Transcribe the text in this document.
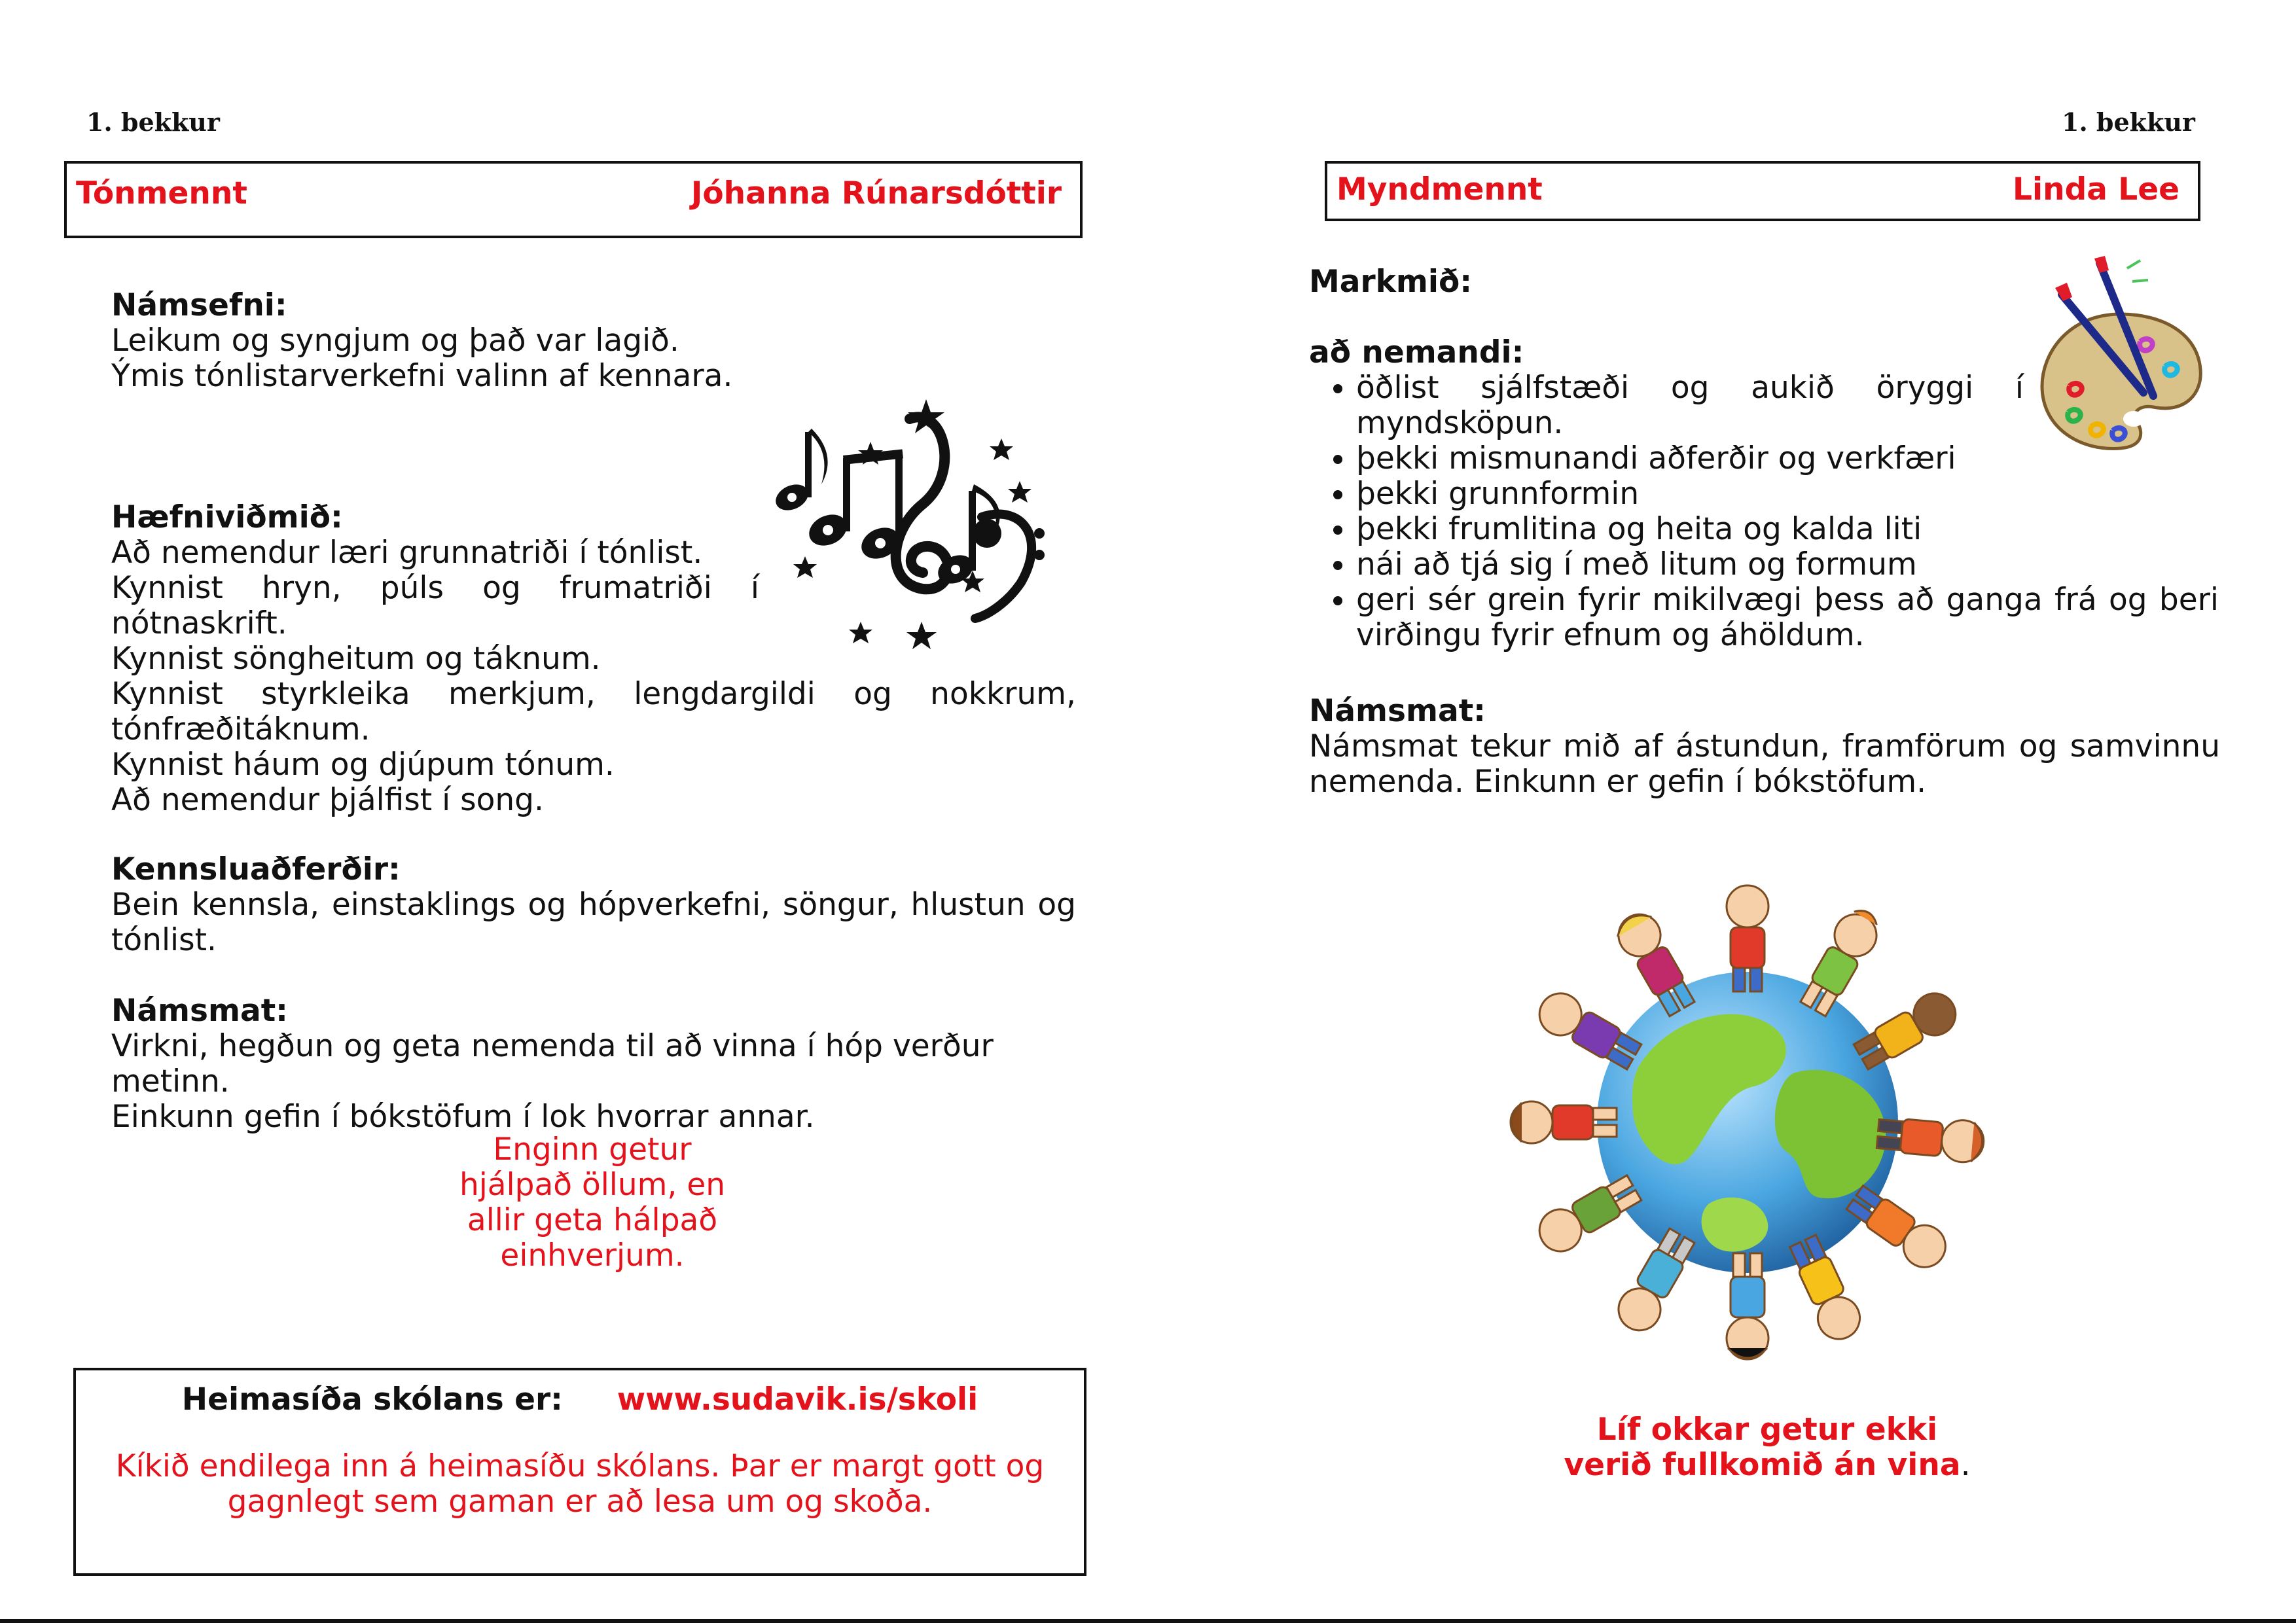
1. bekkur
Tónmennt	Jóhanna Rúnarsdóttir
Námsefni:
Leikum og syngjum og það var lagið.
Ýmis tónlistarverkefni valinn af kennara.
Hæfniviðmið:
Að nemendur læri grunnatriði í tónlist.
Kynnist hryn, púls og frumatriði í nótnaskrift.
Kynnist söngheitum og táknum.
Kynnist styrkleika merkjum, lengdargildi og nokkrum, tónfræðitáknum.
Kynnist háum og djúpum tónum.
Að nemendur þjálfist í song.
Kennsluaðferðir:
Bein kennsla, einstaklings og hópverkefni, söngur, hlustun og tónlist.
Námsmat:
Virkni, hegðun og geta nemenda til að vinna í hóp verður metinn.
Einkunn gefin í bókstöfum í lok hvorrar annar.
Enginn getur
hjálpað öllum, en
allir geta hálpað
einhverjum.
Heimasíða skólans er: www.sudavik.is/skoli
Kíkið endilega inn á heimasíðu skólans. Þar er margt gott og gagnlegt sem gaman er að lesa um og skoða.
1. bekkur
Myndmennt	Linda Lee
Markmið:
að nemandi:
• öðlist sjálfstæði og aukið öryggi í myndsköpun.
• þekki mismunandi aðferðir og verkfæri
• þekki grunnformin
• þekki frumlitina og heita og kalda liti
• nái að tjá sig í með litum og formum
• geri sér grein fyrir mikilvægi þess að ganga frá og beri virðingu fyrir efnum og áhöldum.
Námsmat:
Námsmat tekur mið af ástundun, framförum og samvinnu nemenda. Einkunn er gefin í bókstöfum.
Líf okkar getur ekki
verið fullkomið án vina.
